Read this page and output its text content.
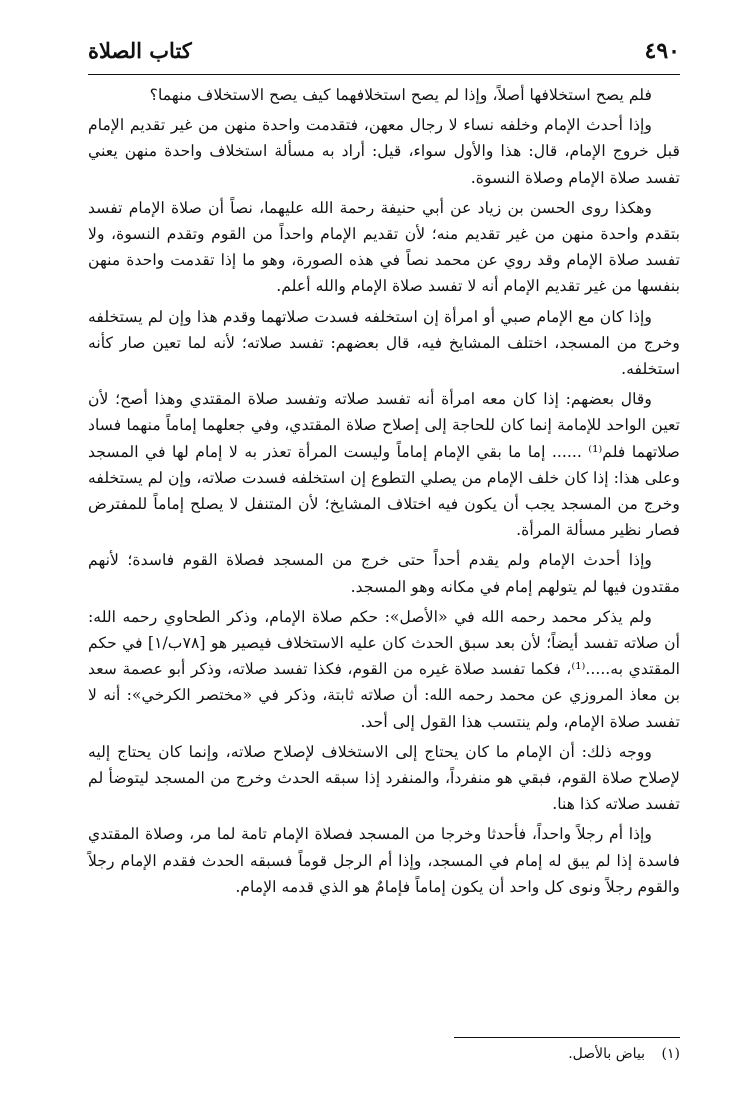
٤٩٠
كتاب الصلاة

فلم يصح استخلافها أصلاً، وإذا لم يصح استخلافهما كيف يصح الاستخلاف منهما؟

وإذا أحدث الإمام وخلفه نساء لا رجال معهن، فتقدمت واحدة منهن من غير تقديم الإمام قبل خروج الإمام، قال: هذا والأول سواء، قيل: أراد به مسألة استخلاف واحدة منهن يعني تفسد صلاة الإمام وصلاة النسوة.

وهكذا روى الحسن بن زياد عن أبي حنيفة رحمة الله عليهما، نصاً أن صلاة الإمام تفسد بتقدم واحدة منهن من غير تقديم منه؛ لأن تقديم الإمام واحداً من القوم وتقدم النسوة، ولا تفسد صلاة الإمام وقد روي عن محمد نصاً في هذه الصورة، وهو ما إذا تقدمت واحدة منهن بنفسها من غير تقديم الإمام أنه لا تفسد صلاة الإمام والله أعلم.

وإذا كان مع الإمام صبي أو امرأة إن استخلفه فسدت صلاتهما وقدم هذا وإن لم يستخلفه وخرج من المسجد، اختلف المشايخ فيه، قال بعضهم: تفسد صلاته؛ لأنه لما تعين صار كأنه استخلفه.

وقال بعضهم: إذا كان معه امرأة أنه تفسد صلاته وتفسد صلاة المقتدي وهذا أصح؛ لأن تعين الواحد للإمامة إنما كان للحاجة إلى إصلاح صلاة المقتدي، وفي جعلهما إماماً منهما فساد صلاتهما فلم⁽¹⁾ ...... إما ما بقي الإمام إماماً وليست المرأة تعذر به لا إمام لها في المسجد وعلى هذا: إذا كان خلف الإمام من يصلي التطوع إن استخلفه فسدت صلاته، وإن لم يستخلفه وخرج من المسجد يجب أن يكون فيه اختلاف المشايخ؛ لأن المتنفل لا يصلح إماماً للمفترض فصار نظير مسألة المرأة.

وإذا أحدث الإمام ولم يقدم أحداً حتى خرج من المسجد فصلاة القوم فاسدة؛ لأنهم مقتدون فيها لم يتولهم إمام في مكانه وهو المسجد.

ولم يذكر محمد رحمه الله في «الأصل»: حكم صلاة الإمام، وذكر الطحاوي رحمه الله: أن صلاته تفسد أيضاً؛ لأن بعد سبق الحدث كان عليه الاستخلاف فيصير هو [٧٨ب/١] في حكم المقتدي به.....⁽¹⁾، فكما تفسد صلاة غيره من القوم، فكذا تفسد صلاته، وذكر أبو عصمة سعد بن معاذ المروزي عن محمد رحمه الله: أن صلاته ثابتة، وذكر في «مختصر الكرخي»: أنه لا تفسد صلاة الإمام، ولم ينتسب هذا القول إلى أحد.

ووجه ذلك: أن الإمام ما كان يحتاج إلى الاستخلاف لإصلاح صلاته، وإنما كان يحتاج إليه لإصلاح صلاة القوم، فبقي هو منفرداً، والمنفرد إذا سبقه الحدث وخرج من المسجد ليتوضأ لم تفسد صلاته كذا هنا.

وإذا أم رجلاً واحداً، فأحدثا وخرجا من المسجد فصلاة الإمام تامة لما مر، وصلاة المقتدي فاسدة إذا لم يبق له إمام في المسجد، وإذا أم الرجل قوماً فسبقه الحدث فقدم الإمام رجلاً والقوم رجلاً ونوى كل واحد أن يكون إماماً فإمامٌ هو الذي قدمه الإمام.

(١) بياض بالأصل.
